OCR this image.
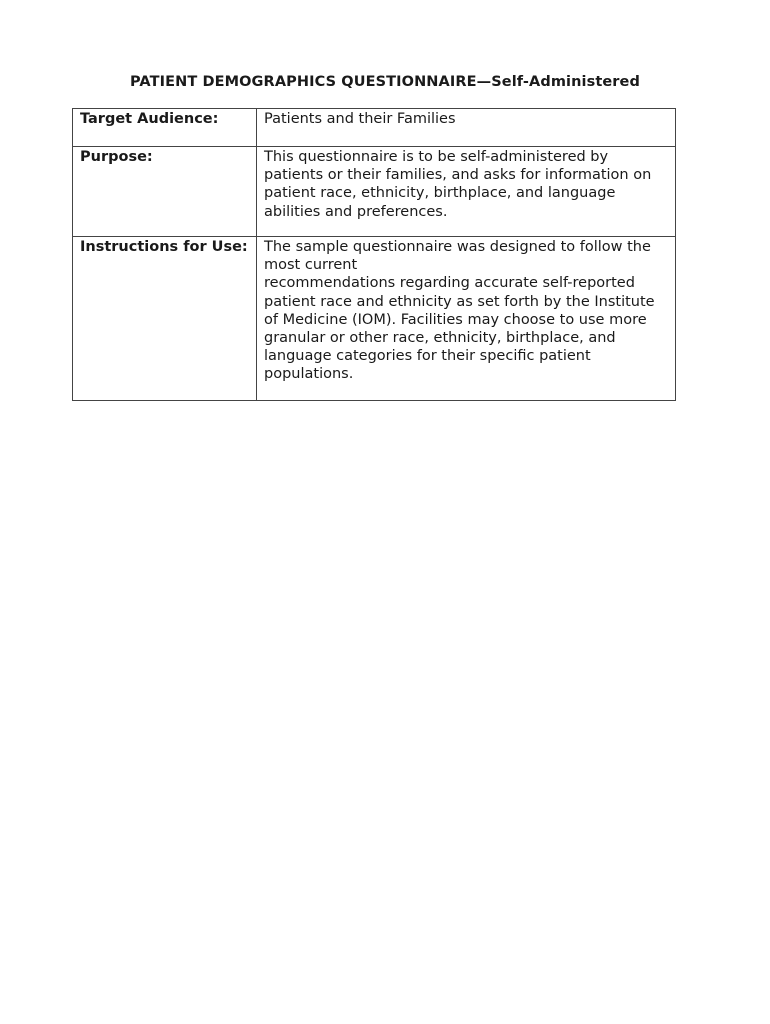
PATIENT DEMOGRAPHICS QUESTIONNAIRE—Self-Administered
Target Audience:	Patients and their Families
Purpose:	This questionnaire is to be self-administered by patients or their families, and asks for information on patient race, ethnicity, birthplace, and language abilities and preferences.
Instructions for Use:	The sample questionnaire was designed to follow the most current
recommendations regarding accurate self-reported patient race and ethnicity as set forth by the Institute of Medicine (IOM). Facilities may choose to use more granular or other race, ethnicity, birthplace, and language categories for their specific patient populations.
